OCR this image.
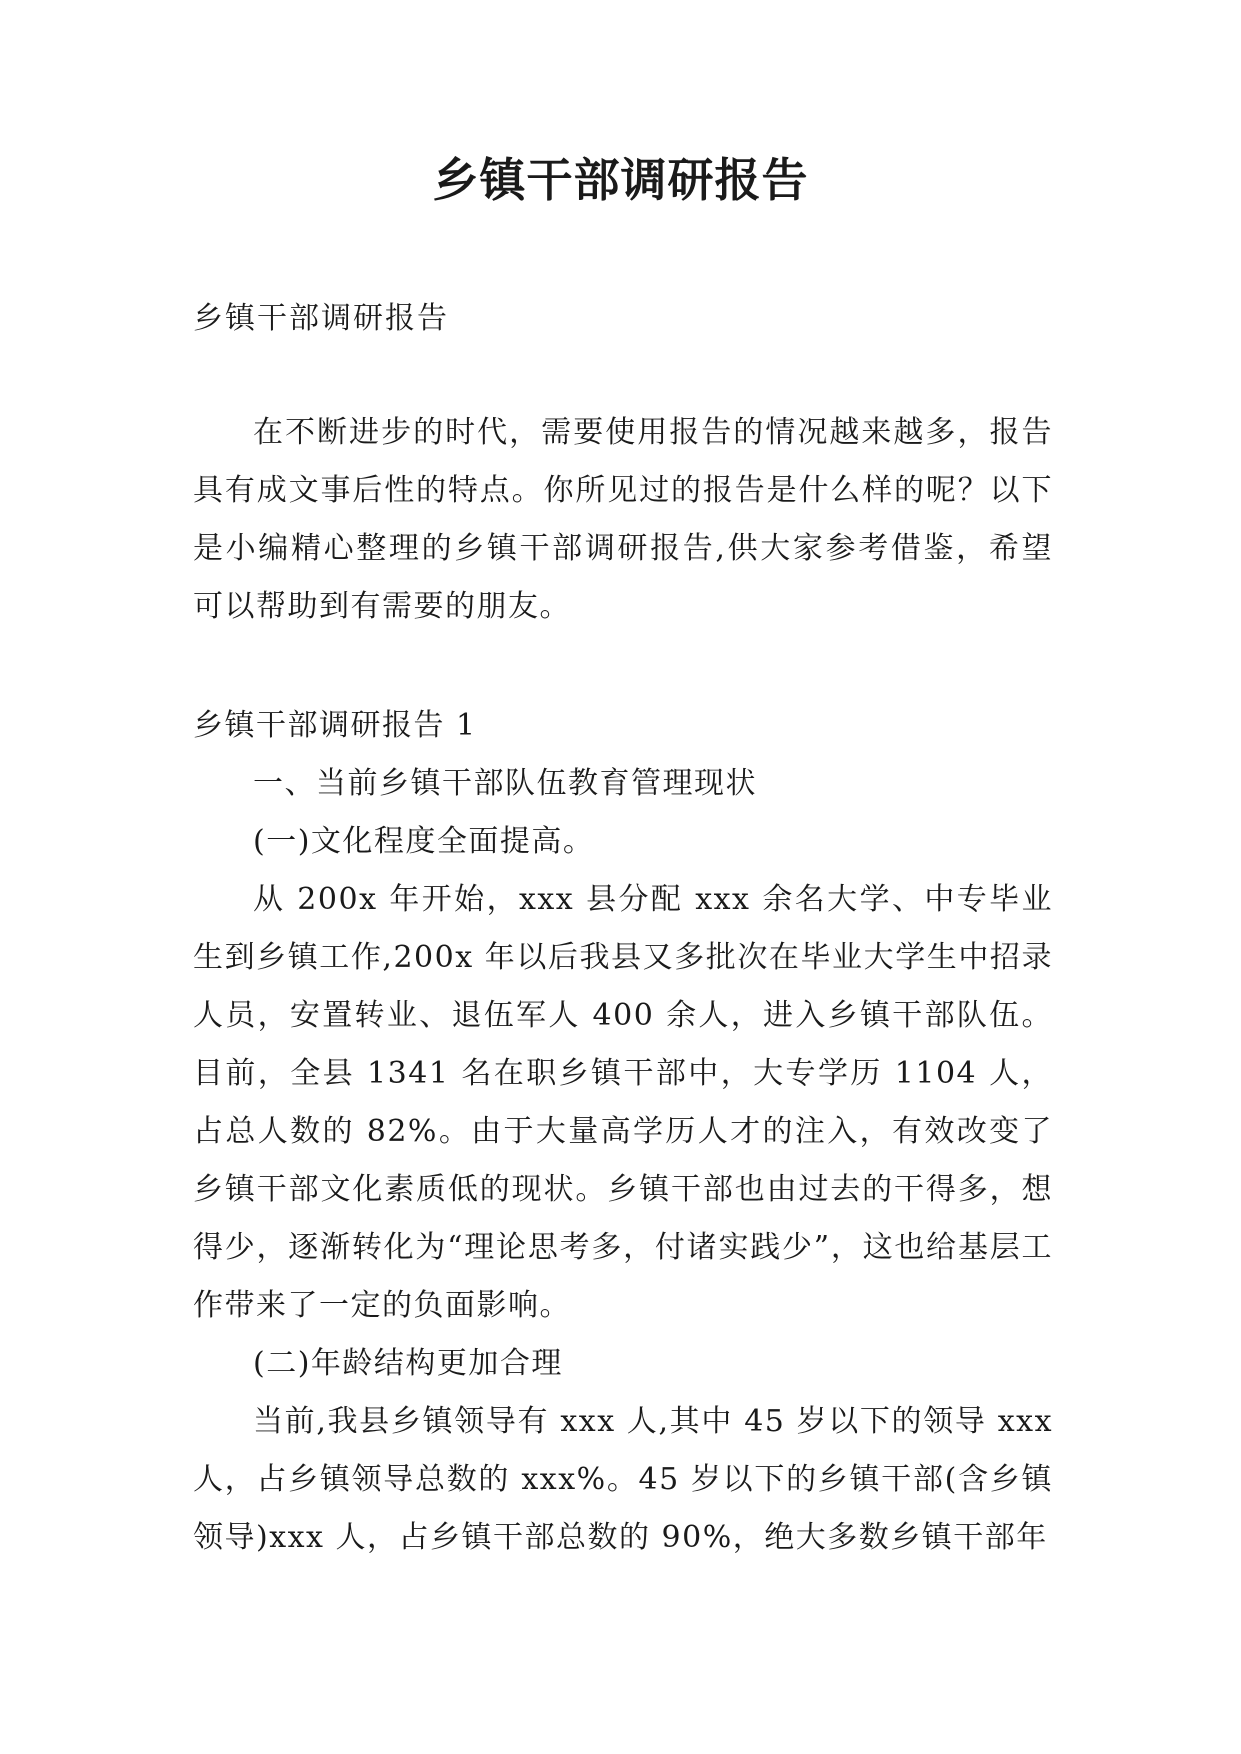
乡镇干部调研报告
乡镇干部调研报告

在不断进步的时代，需要使用报告的情况越来越多，报告具有成文事后性的特点。你所见过的报告是什么样的呢？以下是小编精心整理的乡镇干部调研报告,供大家参考借鉴，希望可以帮助到有需要的朋友。

乡镇干部调研报告 1

一、当前乡镇干部队伍教育管理现状

(一)文化程度全面提高。

从 200x 年开始，xxx 县分配 xxx 余名大学、中专毕业生到乡镇工作,200x 年以后我县又多批次在毕业大学生中招录人员，安置转业、退伍军人 400 余人，进入乡镇干部队伍。目前，全县 1341 名在职乡镇干部中，大专学历 1104 人，占总人数的 82%。由于大量高学历人才的注入，有效改变了乡镇干部文化素质低的现状。乡镇干部也由过去的干得多，想得少，逐渐转化为“理论思考多，付诸实践少”，这也给基层工作带来了一定的负面影响。

(二)年龄结构更加合理

当前,我县乡镇领导有 xxx 人,其中 45 岁以下的领导 xxx 人，占乡镇领导总数的 xxx%。45 岁以下的乡镇干部(含乡镇领导)xxx 人，占乡镇干部总数的 90%，绝大多数乡镇干部年
